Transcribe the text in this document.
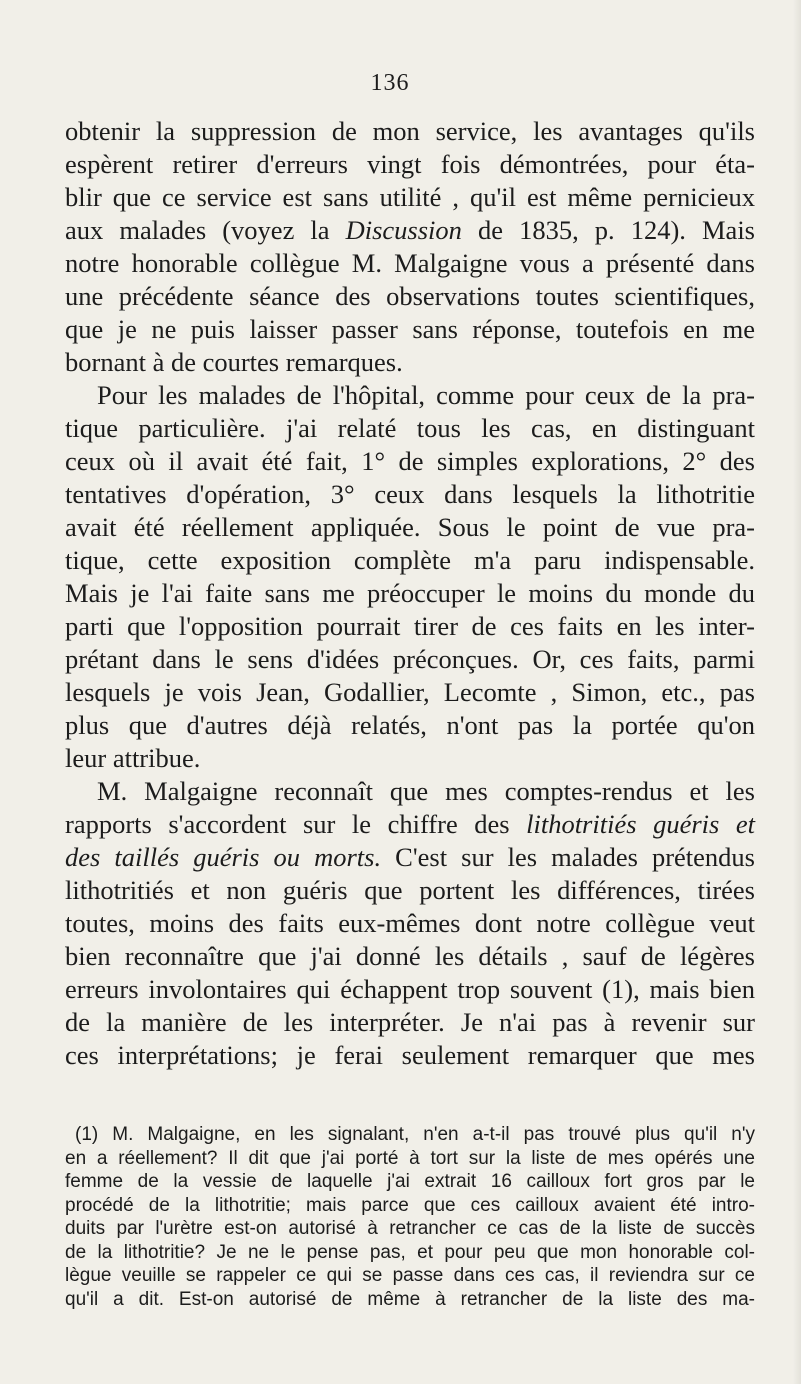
136
obtenir la suppression de mon service, les avantages qu'ils
espèrent retirer d'erreurs vingt fois démontrées, pour éta-
blir que ce service est sans utilité , qu'il est même pernicieux
aux malades (voyez la Discussion de 1835, p. 124). Mais
notre honorable collègue M. Malgaigne vous a présenté dans
une précédente séance des observations toutes scientifiques,
que je ne puis laisser passer sans réponse, toutefois en me
bornant à de courtes remarques.
Pour les malades de l'hôpital, comme pour ceux de la pra-
tique particulière. j'ai relaté tous les cas, en distinguant
ceux où il avait été fait, 1° de simples explorations, 2° des
tentatives d'opération, 3° ceux dans lesquels la lithotritie
avait été réellement appliquée. Sous le point de vue pra-
tique, cette exposition complète m'a paru indispensable.
Mais je l'ai faite sans me préoccuper le moins du monde du
parti que l'opposition pourrait tirer de ces faits en les inter-
prétant dans le sens d'idées préconçues. Or, ces faits, parmi
lesquels je vois Jean, Godallier, Lecomte , Simon, etc., pas
plus que d'autres déjà relatés, n'ont pas la portée qu'on
leur attribue.
M. Malgaigne reconnaît que mes comptes-rendus et les
rapports s'accordent sur le chiffre des lithotritiés guéris et
des taillés guéris ou morts. C'est sur les malades prétendus
lithotritiés et non guéris que portent les différences, tirées
toutes, moins des faits eux-mêmes dont notre collègue veut
bien reconnaître que j'ai donné les détails , sauf de légères
erreurs involontaires qui échappent trop souvent (1), mais bien
de la manière de les interpréter. Je n'ai pas à revenir sur
ces interprétations; je ferai seulement remarquer que mes
(1) M. Malgaigne, en les signalant, n'en a-t-il pas trouvé plus qu'il n'y
en a réellement? Il dit que j'ai porté à tort sur la liste de mes opérés une
femme de la vessie de laquelle j'ai extrait 16 cailloux fort gros par le
procédé de la lithotritie; mais parce que ces cailloux avaient été intro-
duits par l'urètre est-on autorisé à retrancher ce cas de la liste de succès
de la lithotritie? Je ne le pense pas, et pour peu que mon honorable col-
lègue veuille se rappeler ce qui se passe dans ces cas, il reviendra sur ce
qu'il a dit. Est-on autorisé de même à retrancher de la liste des ma-
